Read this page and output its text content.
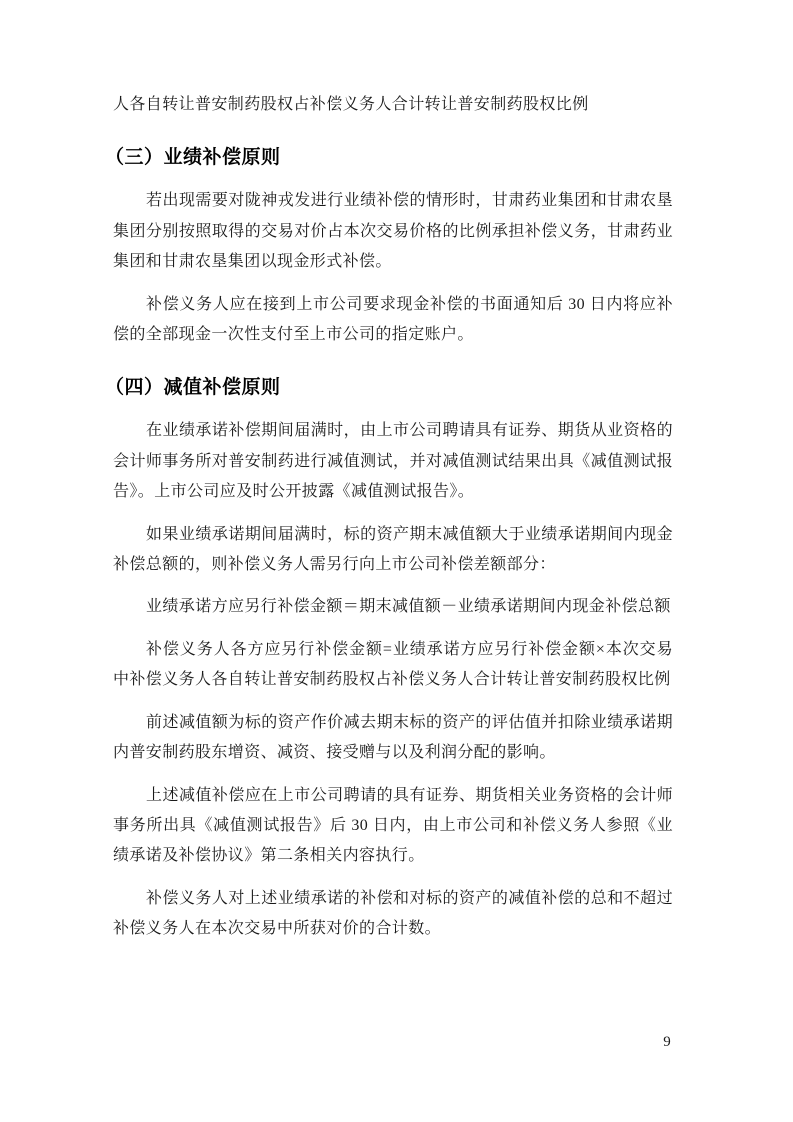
人各自转让普安制药股权占补偿义务人合计转让普安制药股权比例

（三）业绩补偿原则

若出现需要对陇神戎发进行业绩补偿的情形时，甘肃药业集团和甘肃农垦集团分别按照取得的交易对价占本次交易价格的比例承担补偿义务，甘肃药业集团和甘肃农垦集团以现金形式补偿。

补偿义务人应在接到上市公司要求现金补偿的书面通知后 30 日内将应补偿的全部现金一次性支付至上市公司的指定账户。

（四）减值补偿原则

在业绩承诺补偿期间届满时，由上市公司聘请具有证券、期货从业资格的会计师事务所对普安制药进行减值测试，并对减值测试结果出具《减值测试报告》。上市公司应及时公开披露《减值测试报告》。

如果业绩承诺期间届满时，标的资产期末减值额大于业绩承诺期间内现金补偿总额的，则补偿义务人需另行向上市公司补偿差额部分：

业绩承诺方应另行补偿金额＝期末减值额－业绩承诺期间内现金补偿总额

补偿义务人各方应另行补偿金额=业绩承诺方应另行补偿金额×本次交易中补偿义务人各自转让普安制药股权占补偿义务人合计转让普安制药股权比例

前述减值额为标的资产作价减去期末标的资产的评估值并扣除业绩承诺期内普安制药股东增资、减资、接受赠与以及利润分配的影响。

上述减值补偿应在上市公司聘请的具有证券、期货相关业务资格的会计师事务所出具《减值测试报告》后 30 日内，由上市公司和补偿义务人参照《业绩承诺及补偿协议》第二条相关内容执行。

补偿义务人对上述业绩承诺的补偿和对标的资产的减值补偿的总和不超过补偿义务人在本次交易中所获对价的合计数。

9
